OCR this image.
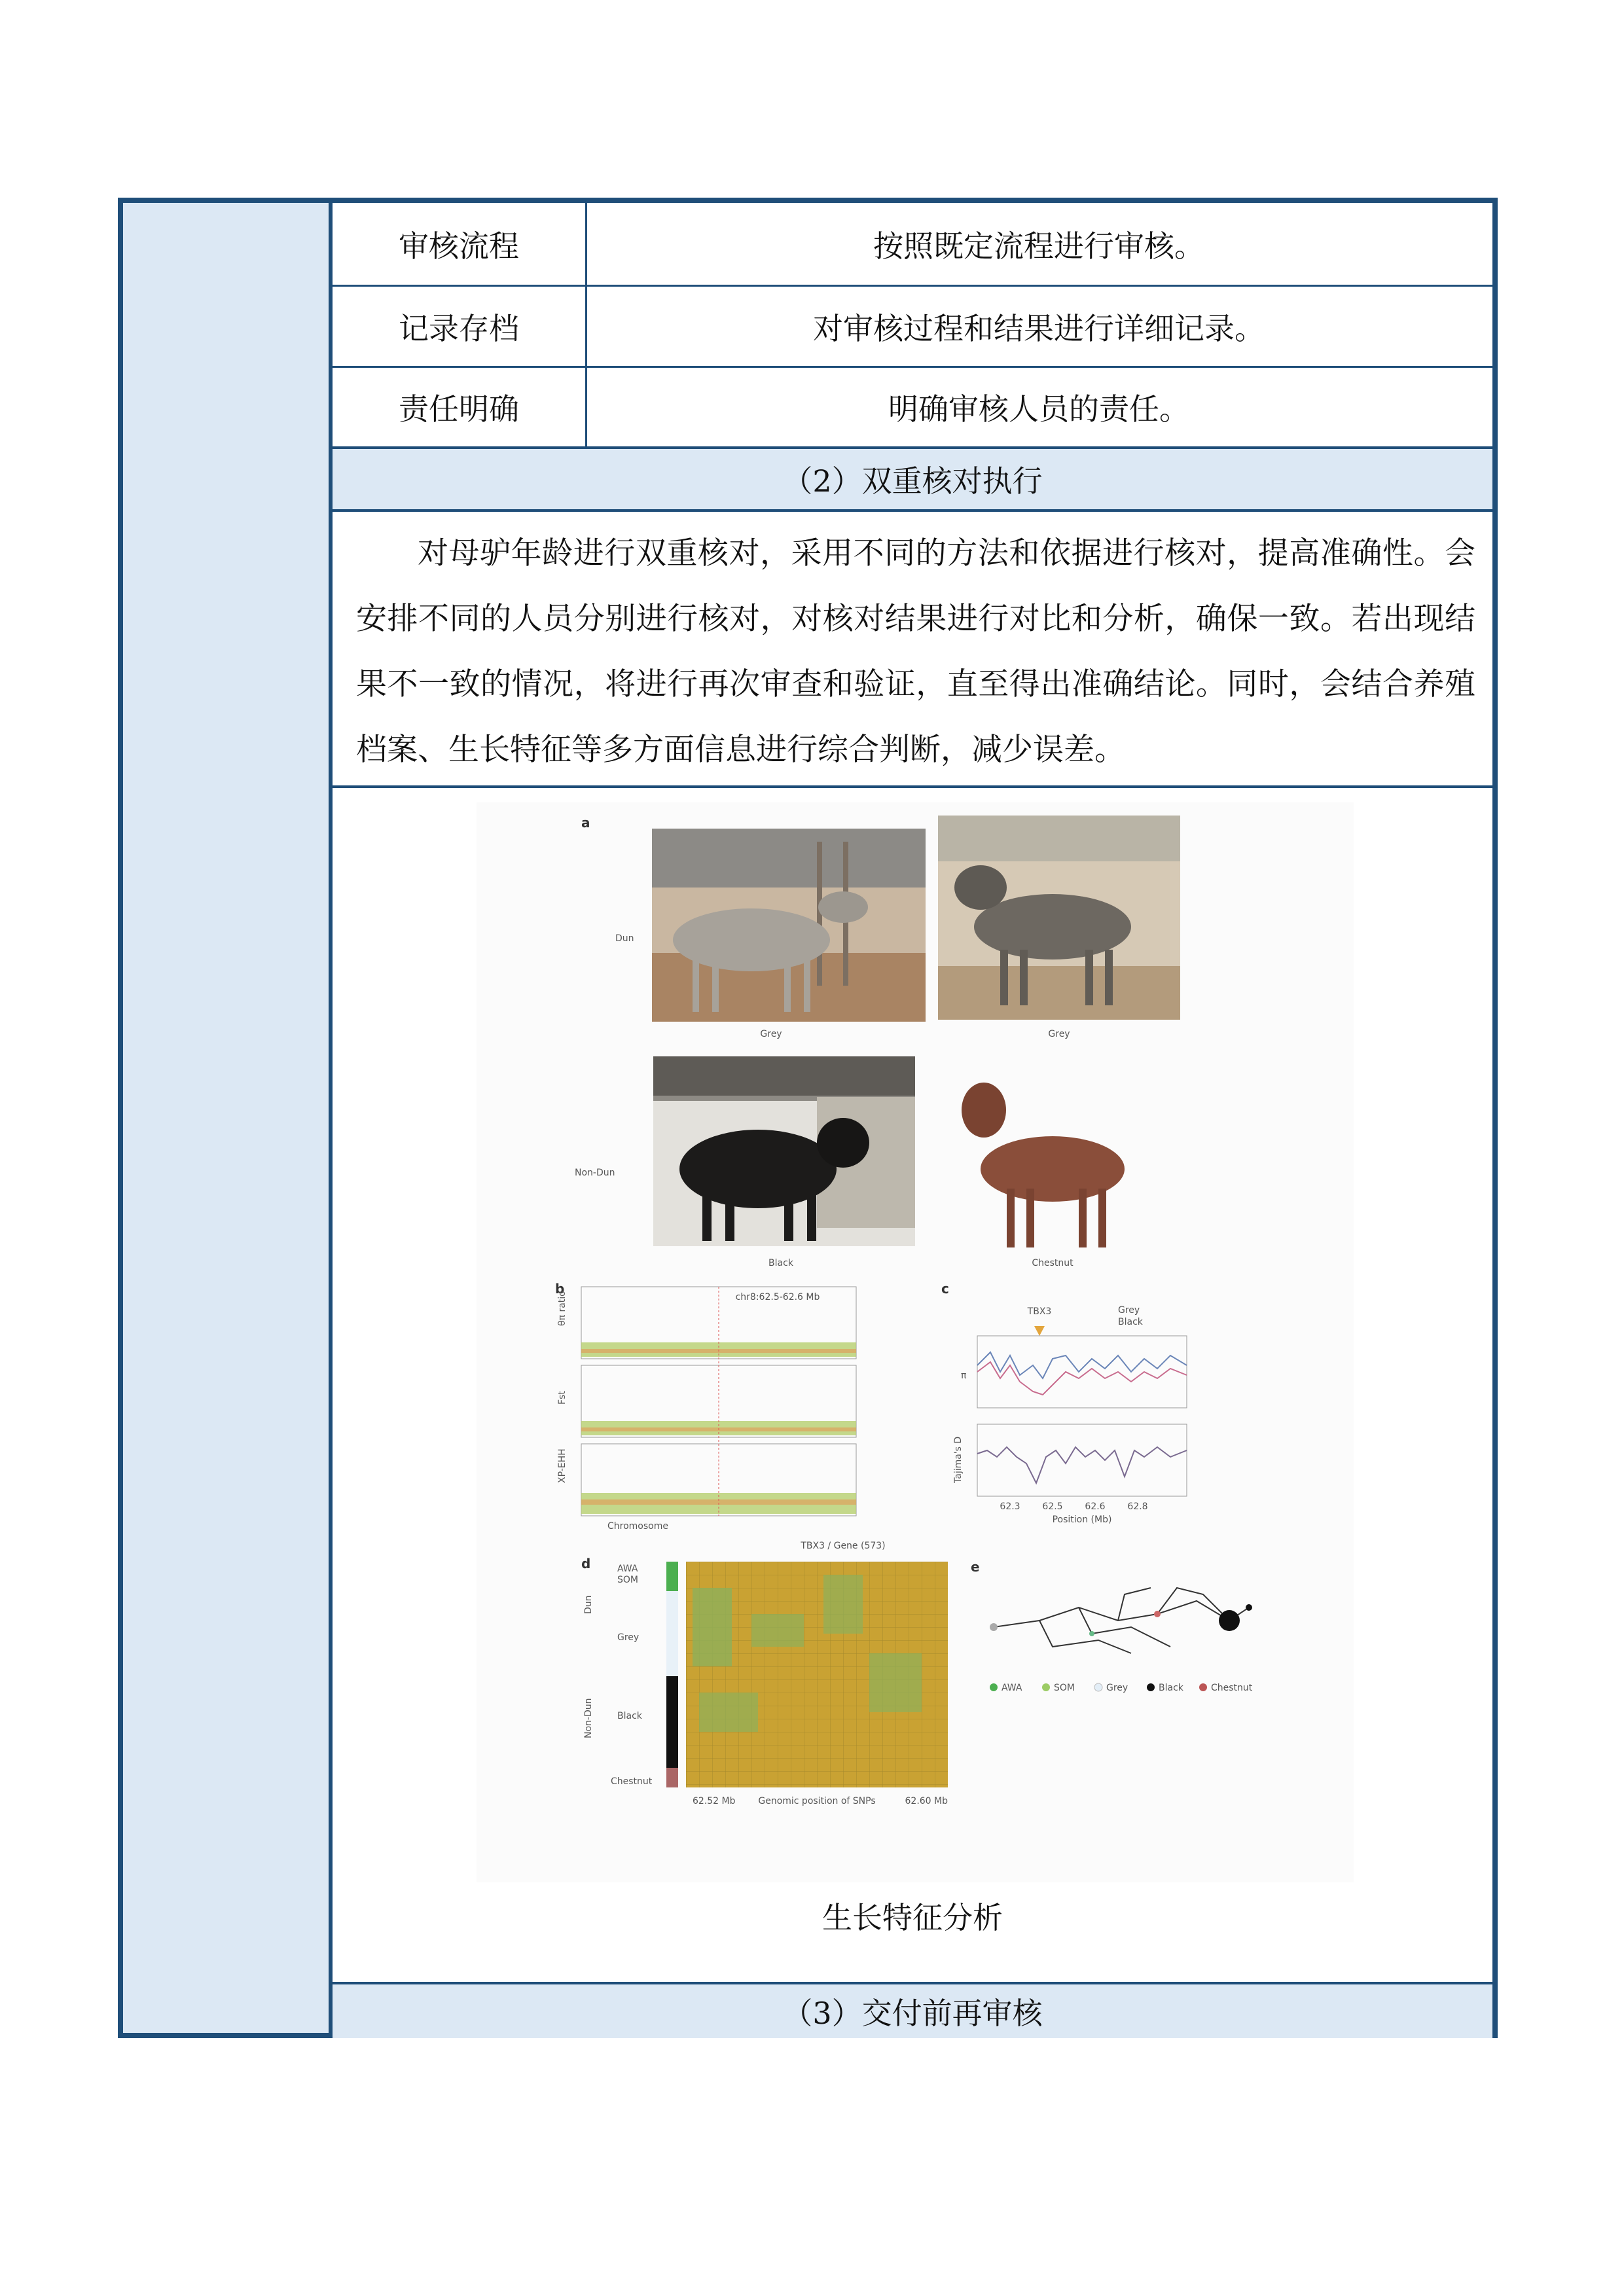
审核流程	按照既定流程进行审核。
记录存档	对审核过程和结果进行详细记录。
责任明确	明确审核人员的责任。
（2）双重核对执行
对母驴年龄进行双重核对，采用不同的方法和依据进行核对，提高准确性。会安排不同的人员分别进行核对，对核对结果进行对比和分析，确保一致。若出现结果不一致的情况，将进行再次审查和验证，直至得出准确结论。同时，会结合养殖档案、生长特征等多方面信息进行综合判断，减少误差。
a
Dun
Non-Dun
Grey	Grey
Black	Chestnut
b
chr8:62.5-62.6 Mb
θπ ratio
Fst
XP-EHH
Chromosome
c
TBX3	Grey
Black
π
Tajima's D
62.3 62.5 62.6 62.8
Position (Mb)
d
TBX3 / Gene (573)
Dun
Non-Dun
AWA
SOM
Grey
Black
Chestnut
62.52 Mb Genomic position of SNPs	62.60 Mb
e
AWA	SOM	Grey	Black	Chestnut
生长特征分析
（3）交付前再审核
